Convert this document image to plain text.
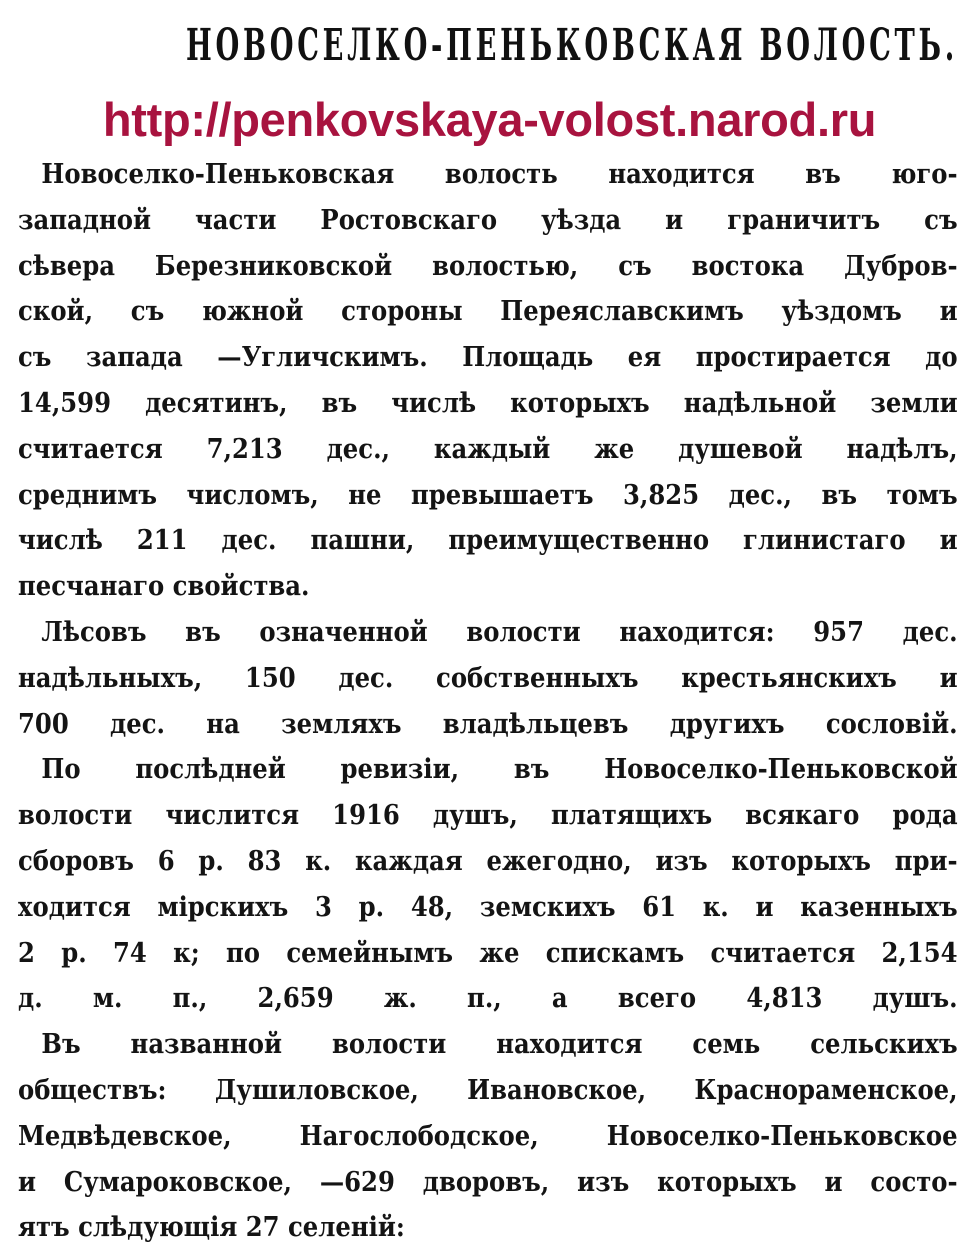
НОВОСЕЛКО-ПЕНЬКОВСКАЯ ВОЛОСТЬ.
http://penkovskaya-volost.narod.ru
Новоселко-Пеньковская волость находится въ юго-
западной части Ростовскаго уѣзда и граничитъ съ
сѣвера Березниковской волостью, съ востока Дубров-
ской, съ южной стороны Переяславскимъ уѣздомъ и
съ запада —Угличскимъ. Площадь ея простирается до
14,599 десятинъ, въ числѣ которыхъ надѣльной земли
считается 7,213 дес., каждый же душевой надѣлъ,
среднимъ числомъ, не превышаетъ 3,825 дес., въ томъ
числѣ 211 дес. пашни, преимущественно глинистаго и
песчанаго свойства.
Лѣсовъ въ означенной волости находится: 957 дес.
надѣльныхъ, 150 дес. собственныхъ крестьянскихъ и
700 дес. на земляхъ владѣльцевъ другихъ сословій.
По послѣдней ревизіи, въ Новоселко-Пеньковской
волости числится 1916 душъ, платящихъ всякаго рода
сборовъ 6 р. 83 к. каждая ежегодно, изъ которыхъ при-
ходится мірскихъ 3 р. 48, земскихъ 61 к. и казенныхъ
2 р. 74 к; по семейнымъ же спискамъ считается 2,154
д. м. п., 2,659 ж. п., а всего 4,813 душъ.
Въ названной волости находится семь сельскихъ
обществъ: Душиловское, Ивановское, Краснораменское,
Медвѣдевское, Нагослободское, Новоселко-Пеньковское
и Сумароковское, —629 дворовъ, изъ которыхъ и состо-
ятъ слѣдующія 27 селеній:
